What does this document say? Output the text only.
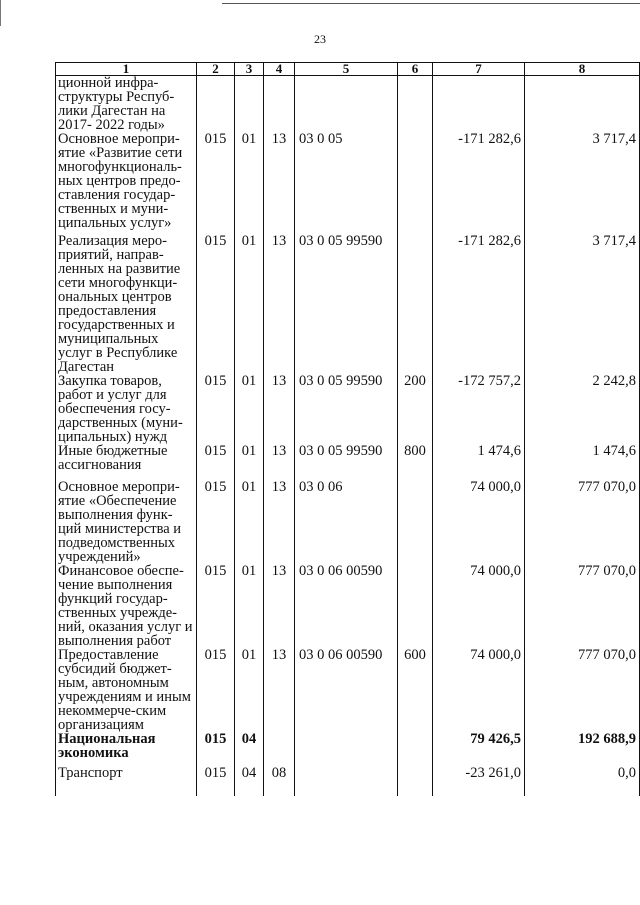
23
1	2	3	4	5	6	7	8
ционной инфра-структуры Респуб-лики Дагестан на 2017- 2022 годы»							
Основное меропри-ятие «Развитие сети многофункциональ-ных центров предо-ставления государ-ственных и муни-ципальных услуг»	015	01	13	03 0 05		-171 282,6	3 717,4
Реализация меро-приятий, направ-ленных на развитие сети многофункци-ональных центров предоставления государственных и муниципальных услуг в Республике Дагестан	015	01	13	03 0 05 99590		-171 282,6	3 717,4
Закупка товаров, работ и услуг для обеспечения госу-дарственных (муни-ципальных) нужд	015	01	13	03 0 05 99590	200	-172 757,2	2 242,8
Иные бюджетные ассигнования	015	01	13	03 0 05 99590	800	1 474,6	1 474,6
Основное меропри-ятие «Обеспечение выполнения функ-ций министерства и подведомственных учреждений»	015	01	13	03 0 06		74 000,0	777 070,0
Финансовое обеспе-чение выполнения функций государ-ственных учрежде-ний, оказания услуг и выполнения работ	015	01	13	03 0 06 00590		74 000,0	777 070,0
Предоставление субсидий бюджет-ным, автономным учреждениям и иным некоммерче-ским организациям	015	01	13	03 0 06 00590	600	74 000,0	777 070,0
Национальная экономика	015	04				79 426,5	192 688,9
Транспорт	015	04	08			-23 261,0	0,0
